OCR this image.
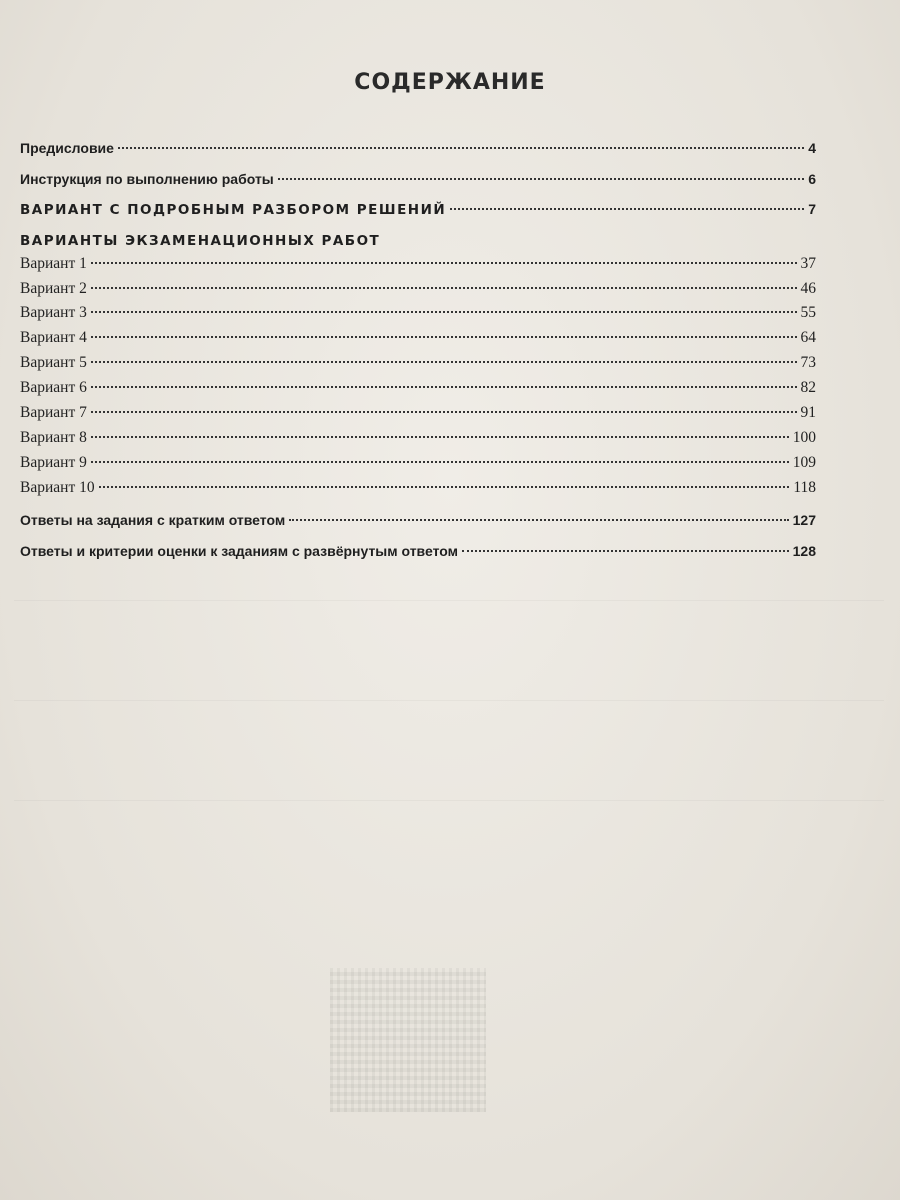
СОДЕРЖАНИЕ
Предисловие	4
Инструкция по выполнению работы	6
ВАРИАНТ С ПОДРОБНЫМ РАЗБОРОМ РЕШЕНИЙ	7
ВАРИАНТЫ ЭКЗАМЕНАЦИОННЫХ РАБОТ
Вариант 1	37
Вариант 2	46
Вариант 3	55
Вариант 4	64
Вариант 5	73
Вариант 6	82
Вариант 7	91
Вариант 8	100
Вариант 9	109
Вариант 10	118
Ответы на задания с кратким ответом	127
Ответы и критерии оценки к заданиям с развёрнутым ответом	128
